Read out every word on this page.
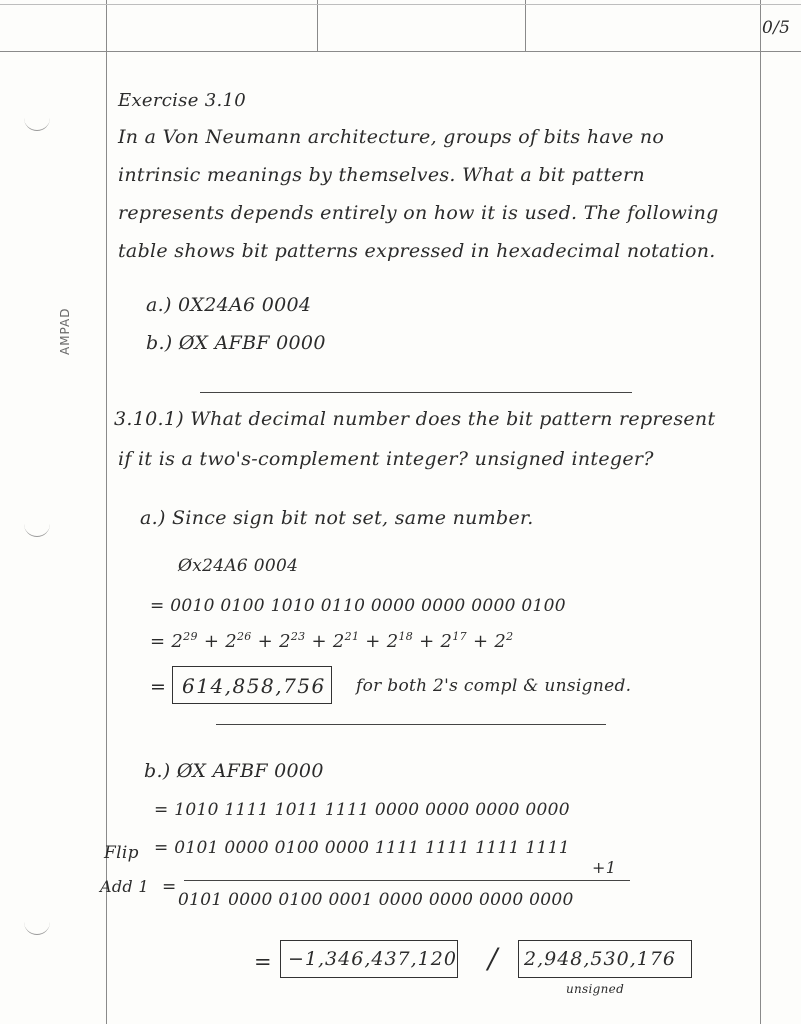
AMPAD
0/5
Exercise 3.10
In a Von Neumann architecture, groups of bits have no
intrinsic meanings by themselves. What a bit pattern
represents depends entirely on how it is used. The following
table shows bit patterns expressed in hexadecimal notation.
a.) 0X24A6 0004
b.) ØX AFBF 0000
3.10.1) What decimal number does the bit pattern represent
if it is a two's-complement integer? unsigned integer?
a.) Since sign bit not set, same number.
Øx24A6 0004
= 0010 0100 1010 0110 0000 0000 0000 0100
= $2^{29} + 2^{26} + 2^{23} + 2^{21} + 2^{18} + 2^{17} + 2^2$
= 614,858,756 for both 2's compl & unsigned.
b.) ØX AFBF 0000
= 1010 1111 1011 1111 0000 0000 0000 0000
Flip = 0101 0000 0100 0000 1111 1111 1111 1111
+1
Add 1 =
0101 0000 0100 0001 0000 0000 0000 0000
= −1,346,437,120 / 2,948,530,176
unsigned
